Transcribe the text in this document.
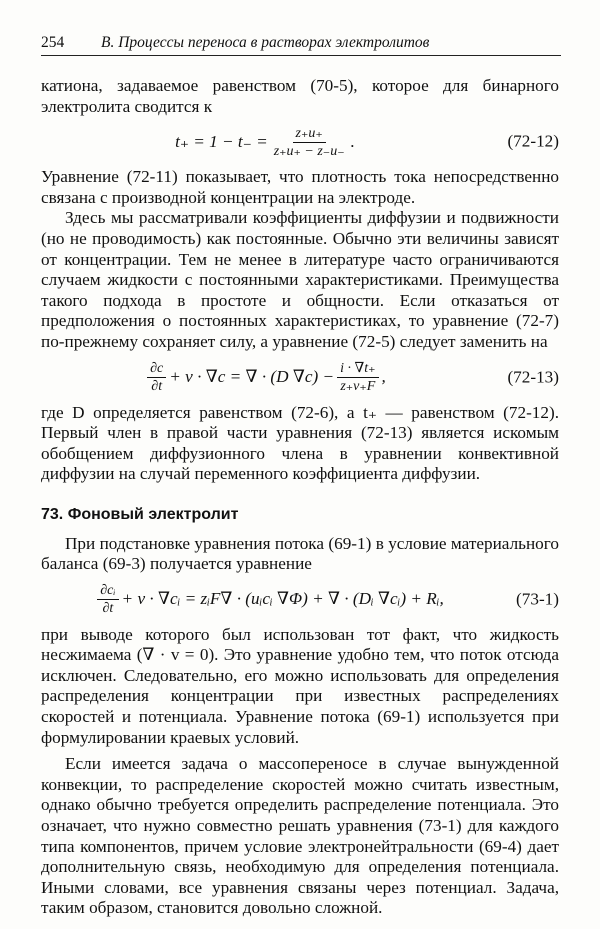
254	В. Процессы переноса в растворах электролитов

катиона, задаваемое равенством (70-5), которое для бинарного электролита сводится к

$t_+ = 1 - t_- = \frac{z_+u_+}{z_+u_+ - z_-u_-}$ .	(72-12)

Уравнение (72-11) показывает, что плотность тока непосредственно связана с производной концентрации на электроде.

Здесь мы рассматривали коэффициенты диффузии и подвижности (но не проводимость) как постоянные. Обычно эти величины зависят от концентрации. Тем не менее в литературе часто ограничиваются случаем жидкости с постоянными характеристиками. Преимущества такого подхода в простоте и общности. Если отказаться от предположения о постоянных характеристиках, то уравнение (72-7) по-прежнему сохраняет силу, а уравнение (72-5) следует заменить на

$\frac{\partial c}{\partial t} + v \cdot \nabla c$ = ∇ · (D $\nabla c) - \frac{i \cdot \nabla t_+}{z_+\nu_+F}$ ,	(72-13)

где D определяется равенством (72-6), а t₊ — равенством (72-12). Первый член в правой части уравнения (72-13) является искомым обобщением диффузионного члена в уравнении конвективной диффузии на случай переменного коэффициента диффузии.

73. Фоновый электролит

При подстановке уравнения потока (69-1) в условие материального баланса (69-3) получается уравнение

$\frac{\text{∂cᵢ}}{\partial t} + v$ · ∇cᵢ = zᵢF∇ · (uᵢcᵢ ∇Φ) + ∇ · (Dᵢ ∇cᵢ) + Rᵢ,	(73-1)

при выводе которого был использован тот факт, что жидкость несжимаема (∇ · v = 0). Это уравнение удобно тем, что поток отсюда исключен. Следовательно, его можно использовать для определения распределения концентрации при известных распределениях скоростей и потенциала. Уравнение потока (69-1) используется при формулировании краевых условий.

Если имеется задача о массопереносе в случае вынужденной конвекции, то распределение скоростей можно считать известным, однако обычно требуется определить распределение потенциала. Это означает, что нужно совместно решать уравнения (73-1) для каждого типа компонентов, причем условие электронейтральности (69-4) дает дополнительную связь, необходимую для определения потенциала. Иными словами, все уравнения связаны через потенциал. Задача, таким образом, становится довольно сложной.
